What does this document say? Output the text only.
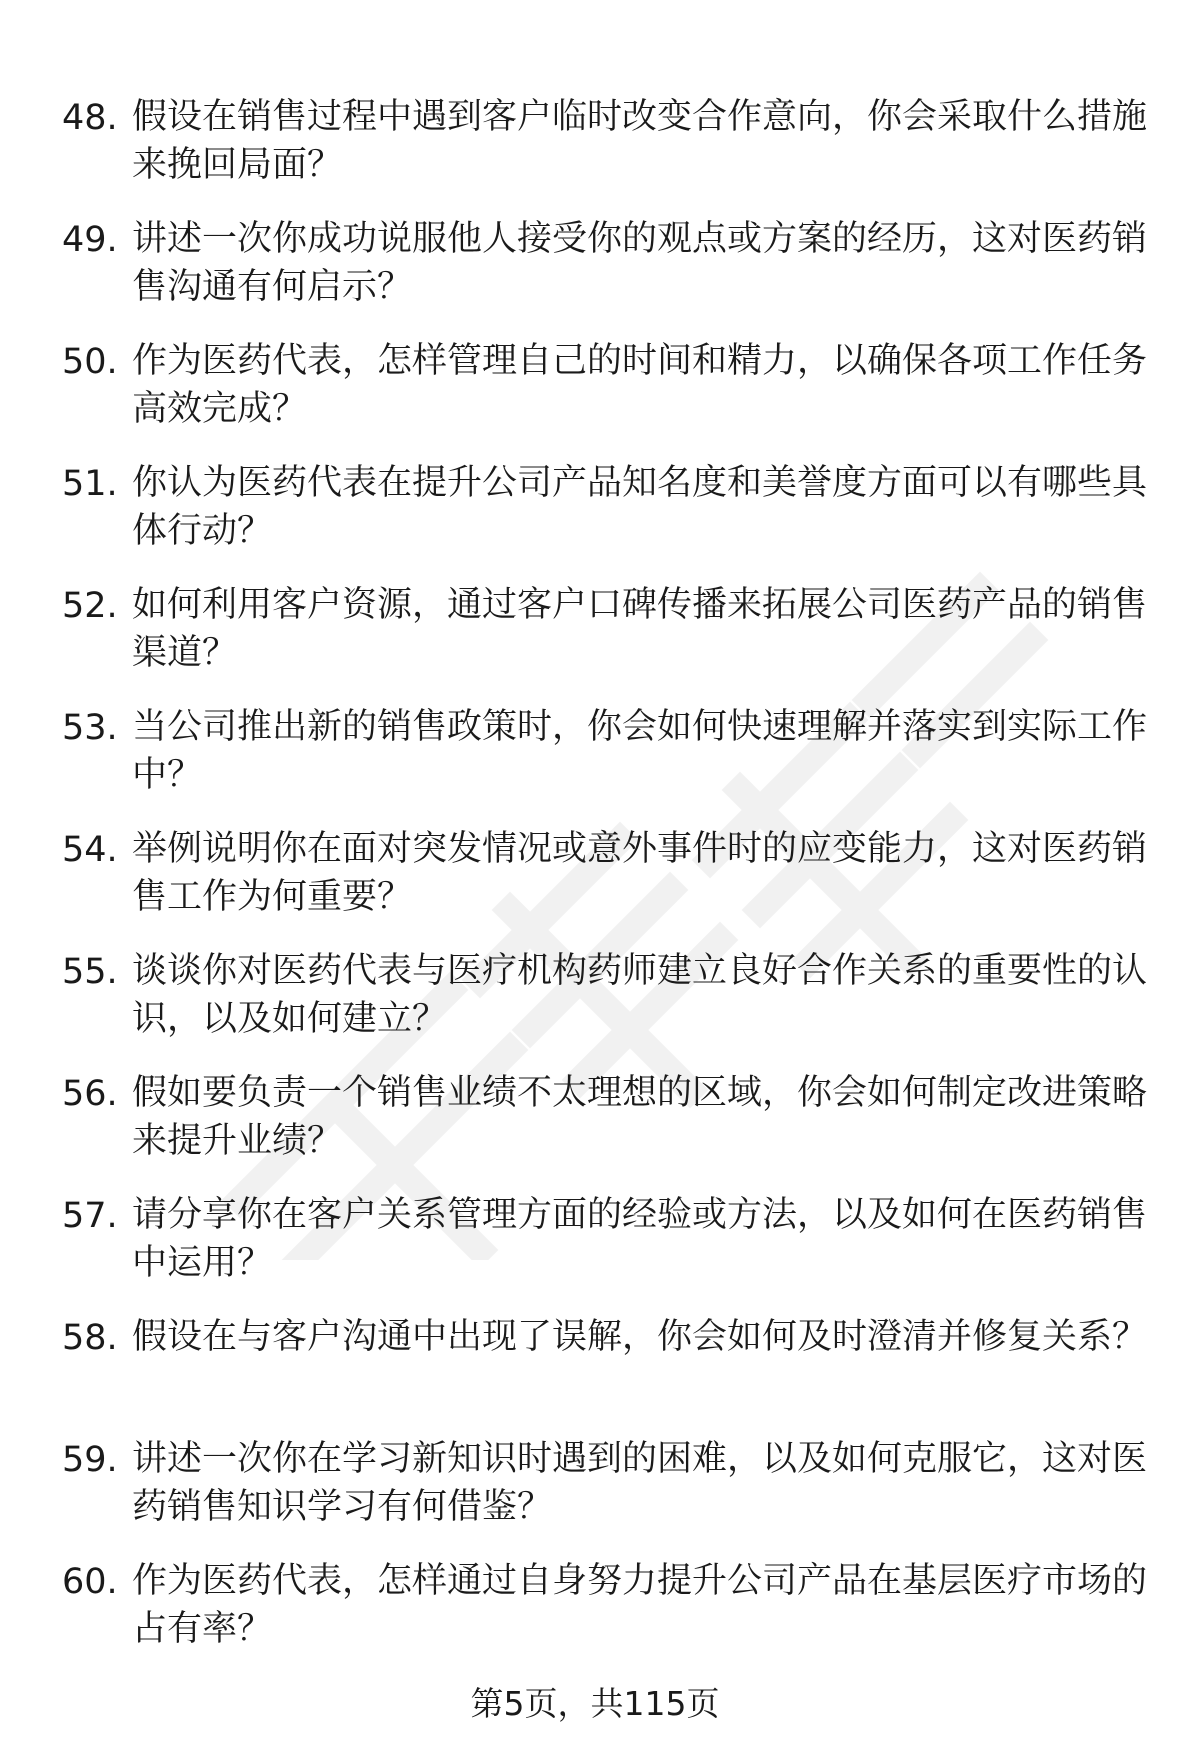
48. 假设在销售过程中遇到客户临时改变合作意向，你会采取什么措施来挽回局面？
49. 讲述一次你成功说服他人接受你的观点或方案的经历，这对医药销售沟通有何启示？
50. 作为医药代表，怎样管理自己的时间和精力，以确保各项工作任务高效完成？
51. 你认为医药代表在提升公司产品知名度和美誉度方面可以有哪些具体行动？
52. 如何利用客户资源，通过客户口碑传播来拓展公司医药产品的销售渠道？
53. 当公司推出新的销售政策时，你会如何快速理解并落实到实际工作中？
54. 举例说明你在面对突发情况或意外事件时的应变能力，这对医药销售工作为何重要？
55. 谈谈你对医药代表与医疗机构药师建立良好合作关系的重要性的认识，以及如何建立？
56. 假如要负责一个销售业绩不太理想的区域，你会如何制定改进策略来提升业绩？
57. 请分享你在客户关系管理方面的经验或方法，以及如何在医药销售中运用？
58. 假设在与客户沟通中出现了误解，你会如何及时澄清并修复关系？
59. 讲述一次你在学习新知识时遇到的困难，以及如何克服它，这对医药销售知识学习有何借鉴？
60. 作为医药代表，怎样通过自身努力提升公司产品在基层医疗市场的占有率？
第5页，共115页
